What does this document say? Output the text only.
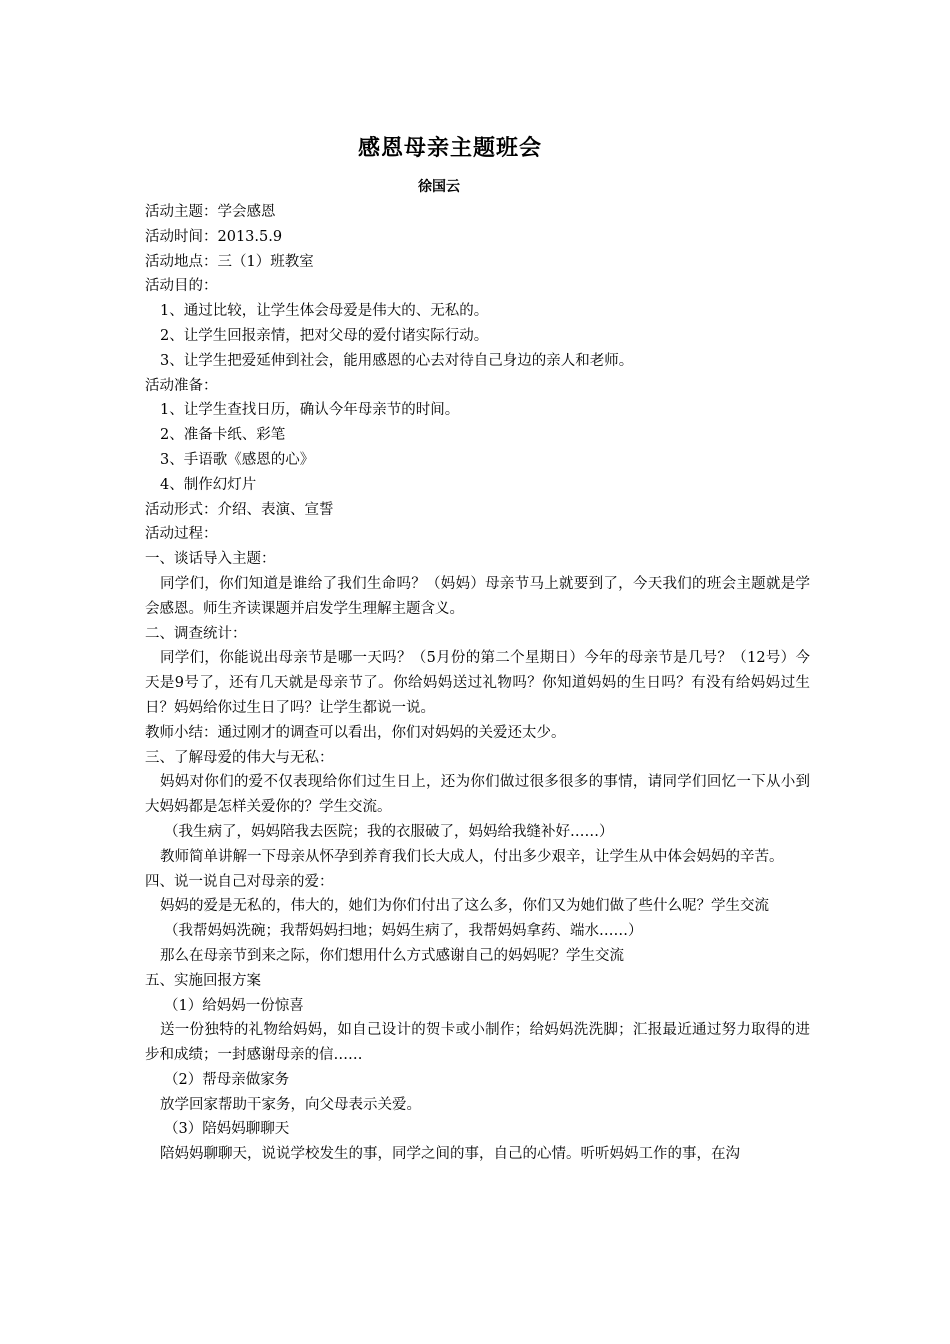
感恩母亲主题班会
徐国云

活动主题：学会感恩

活动时间：2013.5.9

活动地点：三（1）班教室

活动目的：

1、通过比较，让学生体会母爱是伟大的、无私的。

2、让学生回报亲情，把对父母的爱付诸实际行动。

3、让学生把爱延伸到社会，能用感恩的心去对待自己身边的亲人和老师。

活动准备：

1、让学生查找日历，确认今年母亲节的时间。

2、准备卡纸、彩笔

3、手语歌《感恩的心》

4、制作幻灯片

活动形式：介绍、表演、宣誓

活动过程：

一、谈话导入主题：

同学们，你们知道是谁给了我们生命吗？（妈妈）母亲节马上就要到了，今天我们的班会主题就是学会感恩。师生齐读课题并启发学生理解主题含义。

二、调查统计：

同学们，你能说出母亲节是哪一天吗？（5月份的第二个星期日）今年的母亲节是几号？（12号）今天是9号了，还有几天就是母亲节了。你给妈妈送过礼物吗？你知道妈妈的生日吗？有没有给妈妈过生日？妈妈给你过生日了吗？让学生都说一说。

教师小结：通过刚才的调查可以看出，你们对妈妈的关爱还太少。

三、了解母爱的伟大与无私：

妈妈对你们的爱不仅表现给你们过生日上，还为你们做过很多很多的事情，请同学们回忆一下从小到大妈妈都是怎样关爱你的？学生交流。

（我生病了，妈妈陪我去医院；我的衣服破了，妈妈给我缝补好……）

教师简单讲解一下母亲从怀孕到养育我们长大成人，付出多少艰辛，让学生从中体会妈妈的辛苦。

四、说一说自己对母亲的爱：

妈妈的爱是无私的，伟大的，她们为你们付出了这么多，你们又为她们做了些什么呢？学生交流

（我帮妈妈洗碗；我帮妈妈扫地；妈妈生病了，我帮妈妈拿药、端水……）

那么在母亲节到来之际，你们想用什么方式感谢自己的妈妈呢？学生交流

五、实施回报方案

（1）给妈妈一份惊喜

送一份独特的礼物给妈妈，如自己设计的贺卡或小制作；给妈妈洗洗脚；汇报最近通过努力取得的进步和成绩；一封感谢母亲的信……

（2）帮母亲做家务

放学回家帮助干家务，向父母表示关爱。

（3）陪妈妈聊聊天

陪妈妈聊聊天，说说学校发生的事，同学之间的事，自己的心情。听听妈妈工作的事，在沟
